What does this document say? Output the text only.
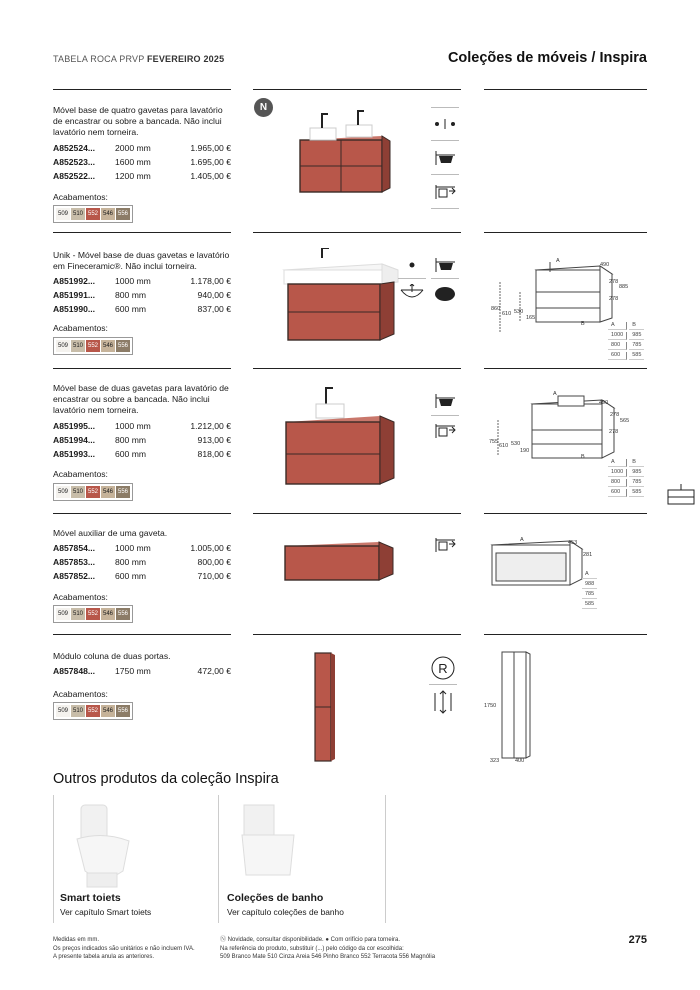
TABELA ROCA PRVP FEVEREIRO 2025	Coleções de móveis / Inspira
Móvel base de quatro gavetas para lavatório de encastrar ou sobre a bancada. Não inclui lavatório nem torneira.
A852524...	2000 mm	1.965,00 €
A852523...	1600 mm	1.695,00 €
A852522...	1200 mm	1.405,00 €
Acabamentos:
509 510 552 546 556
N
Unik - Móvel base de duas gavetas e lavatório em Fineceramic®. Não inclui torneira.
A851992...	1000 mm	1.178,00 €
A851991...	800 mm	940,00 €
A851990...	600 mm	837,00 €
Acabamentos:
509 510 552 546 556
A
490
278
885
278
860
610 530
165
B	A	B
1000	985
800	785
600	585
Móvel base de duas gavetas para lavatório de encastrar ou sobre a bancada. Não inclui lavatório nem torneira.
A851995...	1000 mm	1.212,00 €
A851994...	800 mm	913,00 €
A851993...	600 mm	818,00 €
Acabamentos:
509 510 552 546 556
A
490
278
565
278
755
610 530
190
B
A	B
1000	985
800	785
600	585
Móvel auxiliar de uma gaveta.
A857854...	1000 mm	1.005,00 €
A857853...	800 mm	800,00 €
A857852...	600 mm	710,00 €
Acabamentos:
509 510 552 546 556
A	453
281
A
988
785
585
Módulo coluna de duas portas.
A857848...	1750 mm	472,00 €
Acabamentos:
509 510 552 546 556
R
1750
323	400
Outros produtos da coleção Inspira
Smart toiets
Ver capítulo Smart toiets
Coleções de banho
Ver capítulo coleções de banho
Medidas em mm.
Os preços indicados são unitários e não incluem IVA.
A presente tabela anula as anteriores.
Ⓝ Novidade, consultar disponibilidade. ● Com orifício para torneira.
Na referência do produto, substituir (...) pelo código da cor escolhida:
509 Branco Mate 510 Cinza Areia 546 Pinho Branco 552 Terracota 556 Magnólia
275
